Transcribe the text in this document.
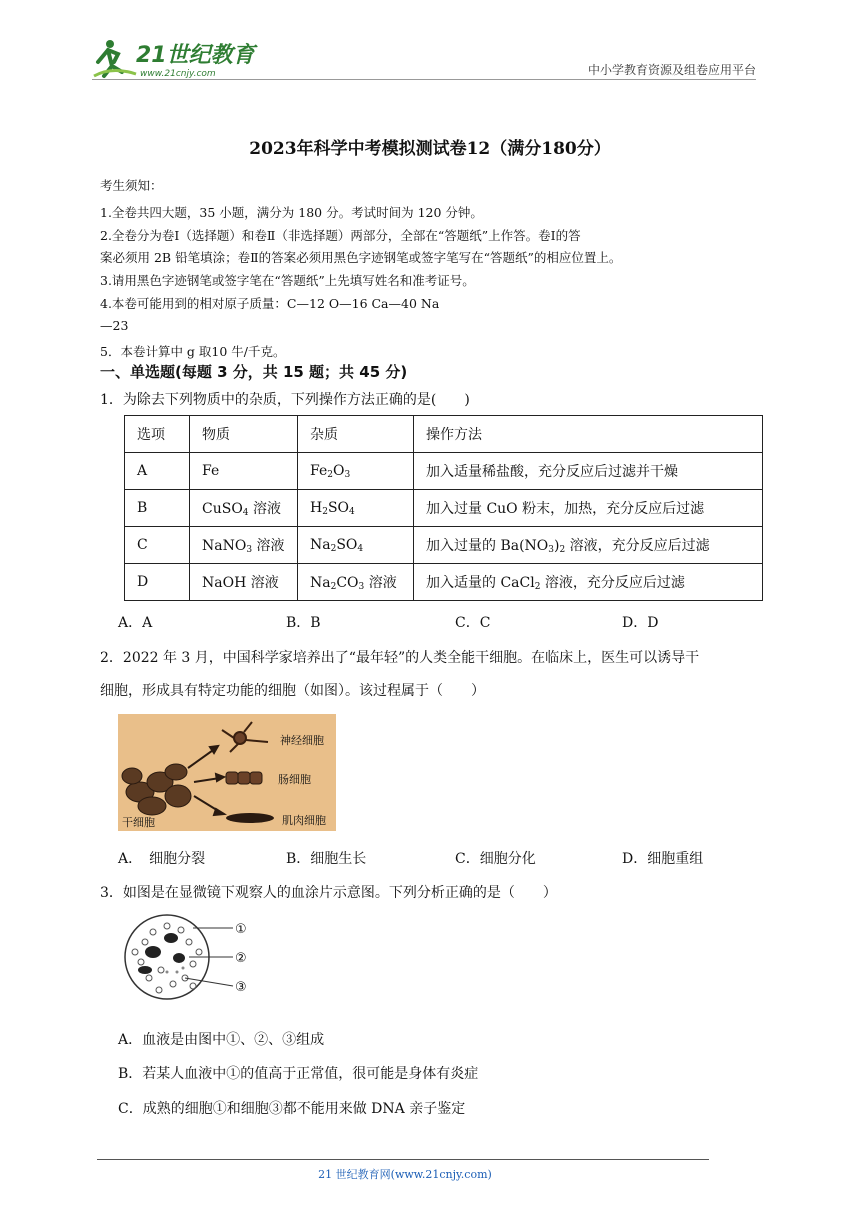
21世纪教育
www.21cnjy.com	中小学教育资源及组卷应用平台
2023年科学中考模拟测试卷12（满分180分）
考生须知：
1.全卷共四大题，35 小题，满分为 180 分。考试时间为 120 分钟。
2.全卷分为卷Ⅰ（选择题）和卷Ⅱ（非选择题）两部分，全部在“答题纸”上作答。卷Ⅰ的答
案必须用 2B 铅笔填涂；卷Ⅱ的答案必须用黑色字迹钢笔或签字笔写在“答题纸”的相应位置上。
3.请用黑色字迹钢笔或签字笔在“答题纸”上先填写姓名和准考证号。
4.本卷可能用到的相对原子质量：C—12 O—16 Ca—40 Na
—23
5．本卷计算中 g 取10 牛/千克。
一、单选题(每题 3 分，共 15 题；共 45 分)
1．为除去下列物质中的杂质，下列操作方法正确的是(　　)
选项	物质	杂质	操作方法
A	Fe	$Fe_2O_3$	加入适量稀盐酸，充分反应后过滤并干燥
B	CuSO$_4$ 溶液	$H_2SO_4$	加入过量 CuO 粉末，加热，充分反应后过滤
C	NaNO$_3$ 溶液	$Na_2SO_4$	加入过量的 $Ba(NO_3)_2$ 溶液，充分反应后过滤
D	NaOH 溶液	$Na_2CO_3$ 溶液	加入适量的 CaCl$_2$ 溶液，充分反应后过滤
A．A	B．B	C．C	D．D
2．2022 年 3 月，中国科学家培养出了“最年轻”的人类全能干细胞。在临床上，医生可以诱导干
细胞，形成具有特定功能的细胞（如图）。该过程属于（　　）
神经细胞
肠细胞
肌肉细胞
干细胞
A．　细胞分裂	B．细胞生长	C．细胞分化	D．细胞重组
3．如图是在显微镜下观察人的血涂片示意图。下列分析正确的是（　　）
①
②
③
A．血液是由图中①、②、③组成
B．若某人血液中①的值高于正常值，很可能是身体有炎症
C．成熟的细胞①和细胞③都不能用来做 DNA 亲子鉴定
21 世纪教育网(www.21cnjy.com)
